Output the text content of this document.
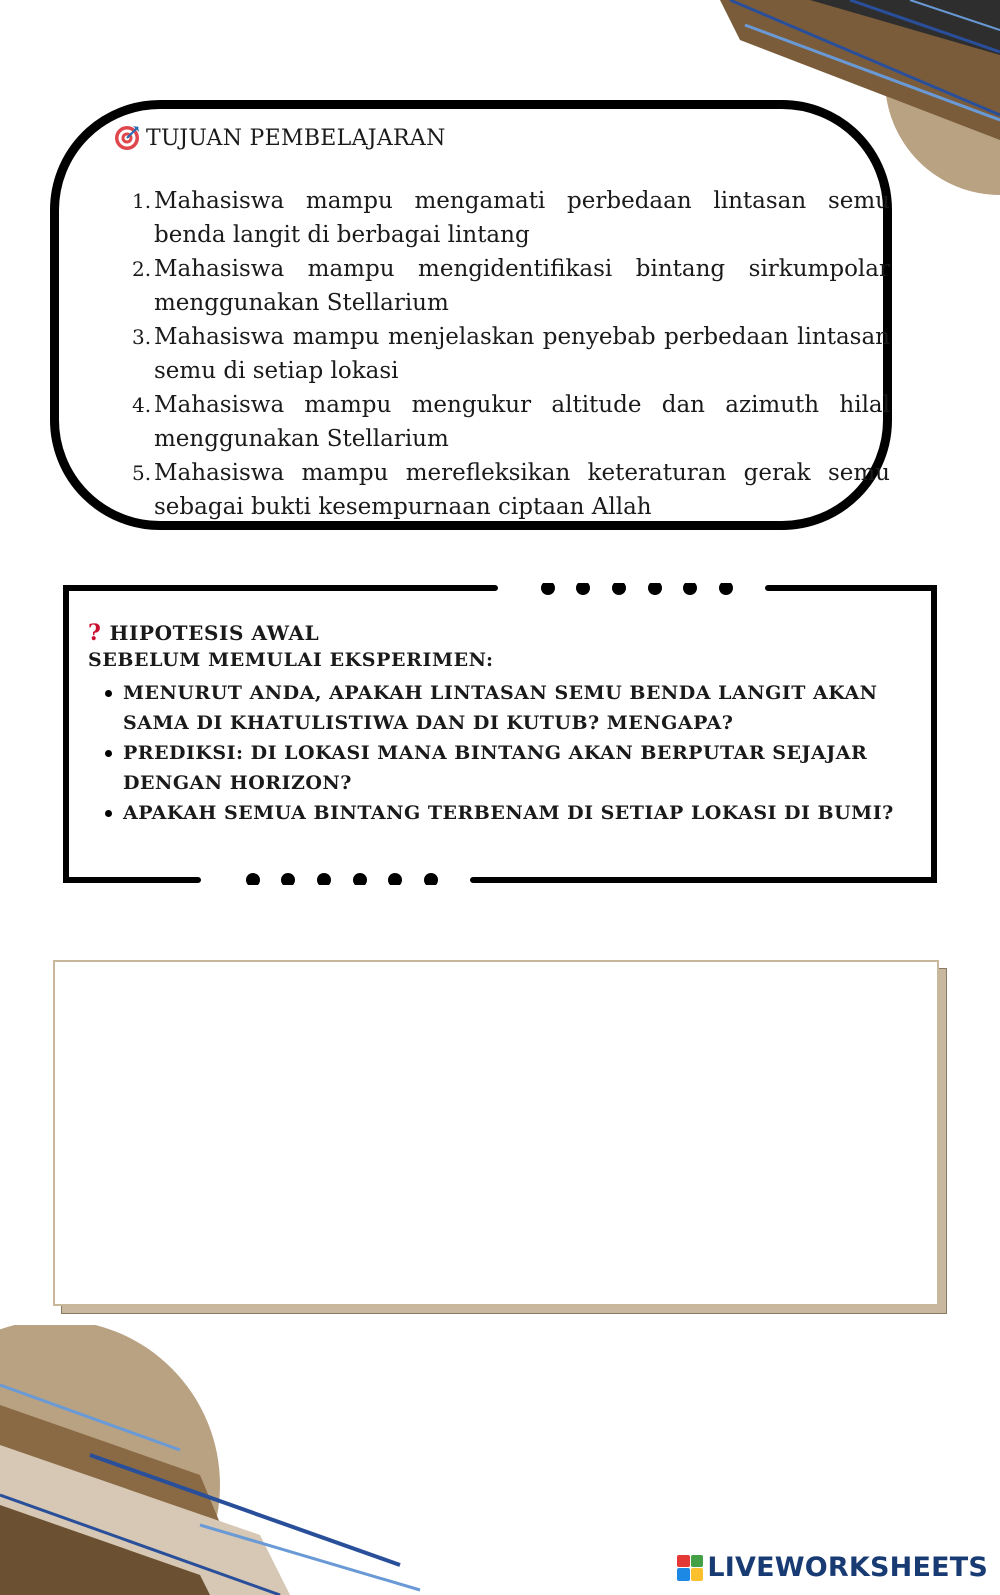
TUJUAN PEMBELAJARAN
1. Mahasiswa mampu mengamati perbedaan lintasan semu benda langit di berbagai lintang
2. Mahasiswa mampu mengidentifikasi bintang sirkumpolar menggunakan Stellarium
3. Mahasiswa mampu menjelaskan penyebab perbedaan lintasan semu di setiap lokasi
4. Mahasiswa mampu mengukur altitude dan azimuth hilal menggunakan Stellarium
5. Mahasiswa mampu merefleksikan keteraturan gerak semu sebagai bukti kesempurnaan ciptaan Allah
? HIPOTESIS AWAL
SEBELUM MEMULAI EKSPERIMEN:
MENURUT ANDA, APAKAH LINTASAN SEMU BENDA LANGIT AKAN SAMA DI KHATULISTIWA DAN DI KUTUB? MENGAPA?
PREDIKSI: DI LOKASI MANA BINTANG AKAN BERPUTAR SEJAJAR DENGAN HORIZON?
APAKAH SEMUA BINTANG TERBENAM DI SETIAP LOKASI DI BUMI?
LIVEWORKSHEETS
